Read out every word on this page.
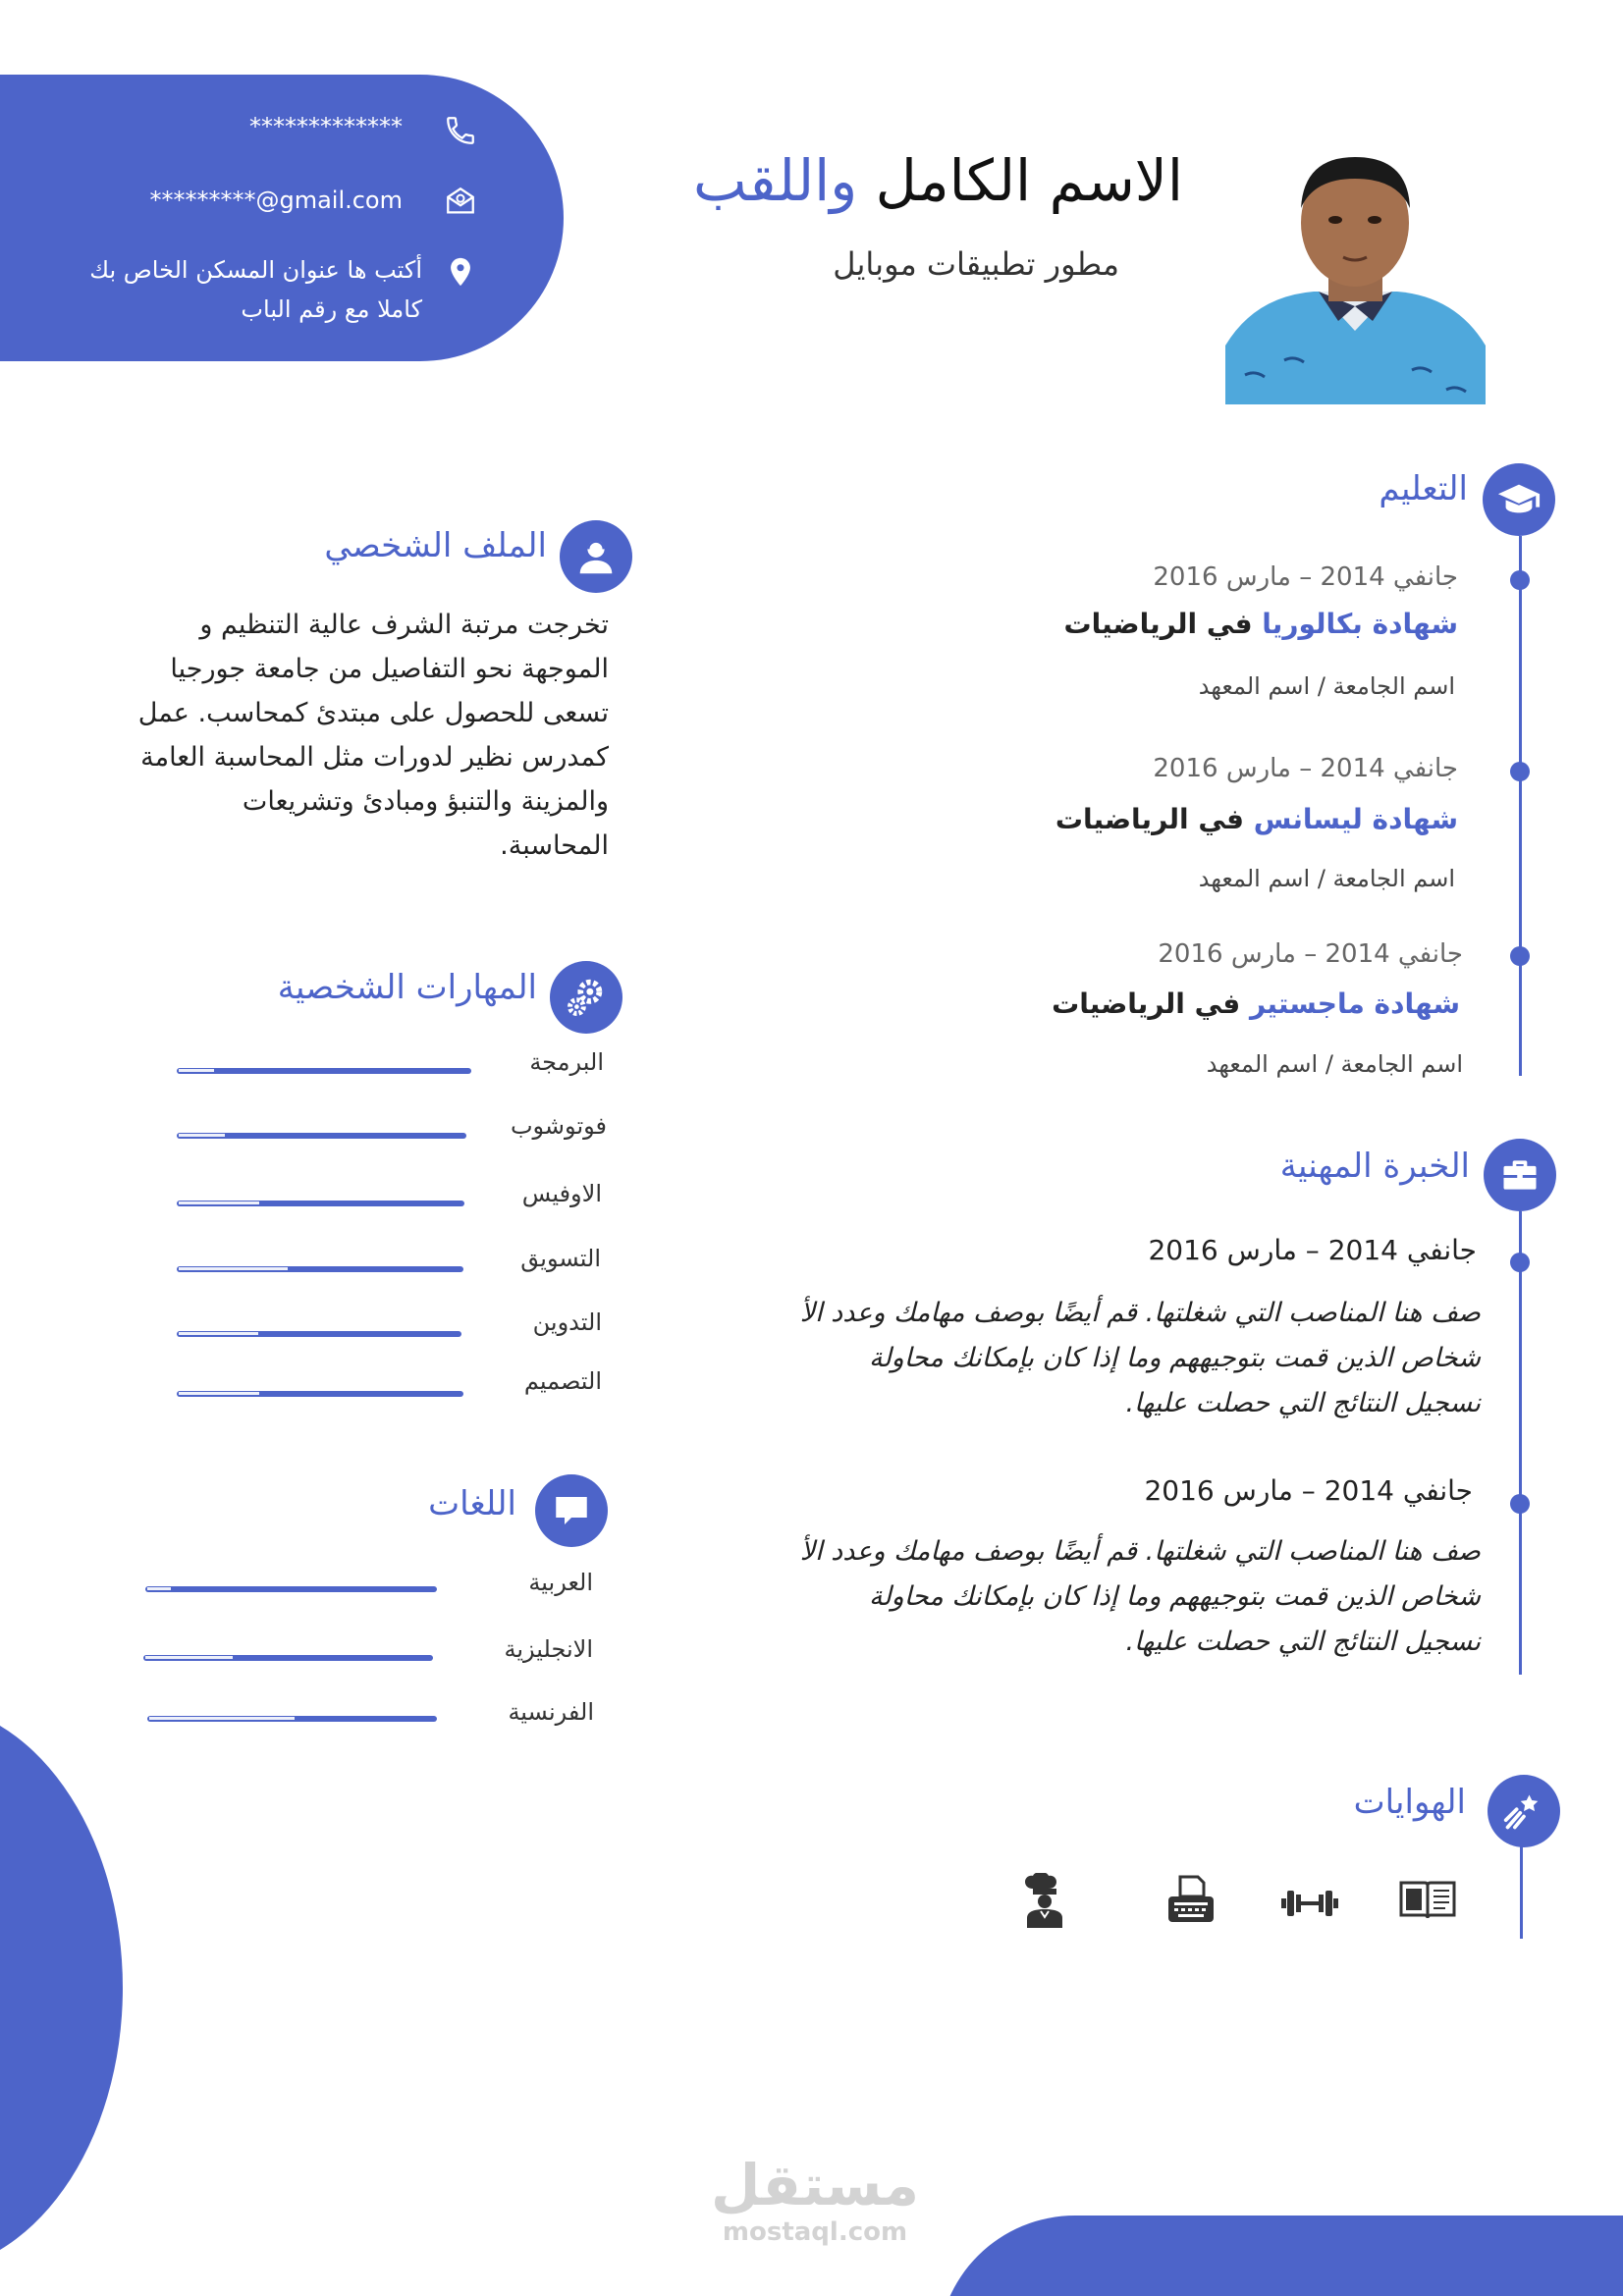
*************
*********@gmail.com
أكتب ها عنوان المسكن الخاص بك
كاملا مع رقم الباب
الاسم الكامل واللقب
مطور تطبيقات موبايل
التعليم
جانفي 2014 – مارس 2016
شهادة بكالوريا في الرياضيات
اسم الجامعة / اسم المعهد
جانفي 2014 – مارس 2016
شهادة ليسانس في الرياضيات
اسم الجامعة / اسم المعهد
جانفي 2014 – مارس 2016
شهادة ماجستير في الرياضيات
اسم الجامعة / اسم المعهد
الخبرة المهنية
جانفي 2014 – مارس 2016
صف هنا المناصب التي شغلتها. قم أيضًا بوصف مهامك وعدد الأ
شخاص الذين قمت بتوجيههم وما إذا كان بإمكانك محاولة
نسجيل النتائج التي حصلت عليها.
جانفي 2014 – مارس 2016
صف هنا المناصب التي شغلتها. قم أيضًا بوصف مهامك وعدد الأ
شخاص الذين قمت بتوجيههم وما إذا كان بإمكانك محاولة
نسجيل النتائج التي حصلت عليها.
الهوايات
الملف الشخصي
تخرجت مرتبة الشرف عالية التنظيم و
الموجهة نحو التفاصيل من جامعة جورجيا
تسعى للحصول على مبتدئ كمحاسب. عمل
كمدرس نظير لدورات مثل المحاسبة العامة
والمزينة والتنبؤ ومبادئ وتشريعات
المحاسبة.
المهارات الشخصية
البرمجة
فوتوشوب
الاوفيس
التسويق
التدوين
التصميم
اللغات
العربية
الانجليزية
الفرنسية
مستقل
mostaql.com
